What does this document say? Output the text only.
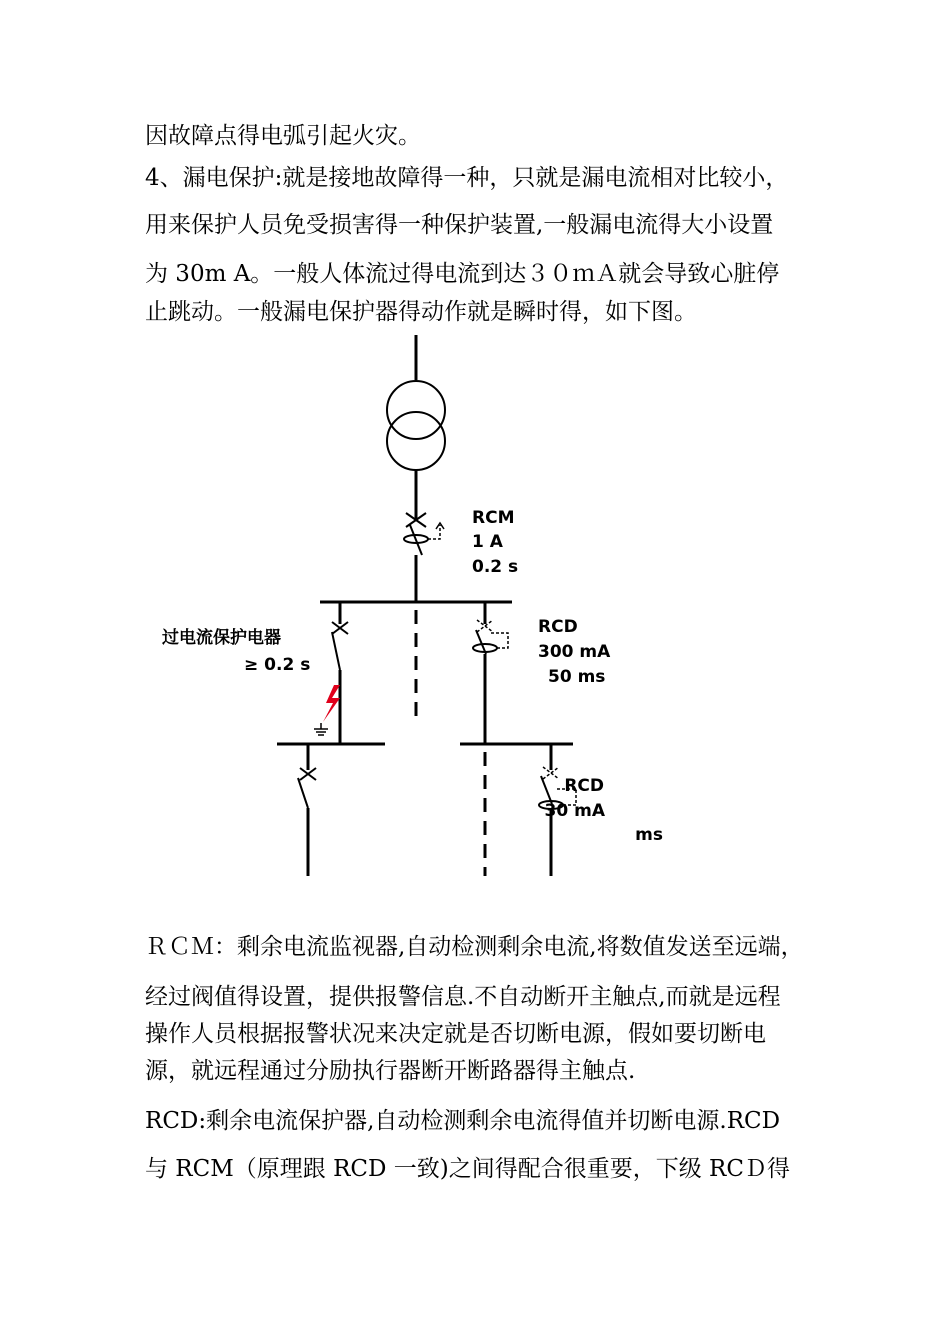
因故障点得电弧引起火灾。
4、漏电保护:就是接地故障得一种，只就是漏电流相对比较小，
用来保护人员免受损害得一种保护装置,一般漏电流得大小设置
为 30m A。一般人体流过得电流到达３０ｍＡ就会导致心脏停
止跳动。一般漏电保护器得动作就是瞬时得，如下图。
RCM
1 A
0.2 s
过电流保护电器
≥ 0.2 s
RCD
300 mA
50 ms
RCD
30 mA
ms
ＲＣＭ：剩余电流监视器,自动检测剩余电流,将数值发送至远端，
经过阀值得设置，提供报警信息.不自动断开主触点,而就是远程
操作人员根据报警状况来决定就是否切断电源，假如要切断电
源，就远程通过分励执行器断开断路器得主触点.
RCD:剩余电流保护器,自动检测剩余电流得值并切断电源.RCD
与 RCM（原理跟 RCD 一致)之间得配合很重要，下级 RCＤ得
